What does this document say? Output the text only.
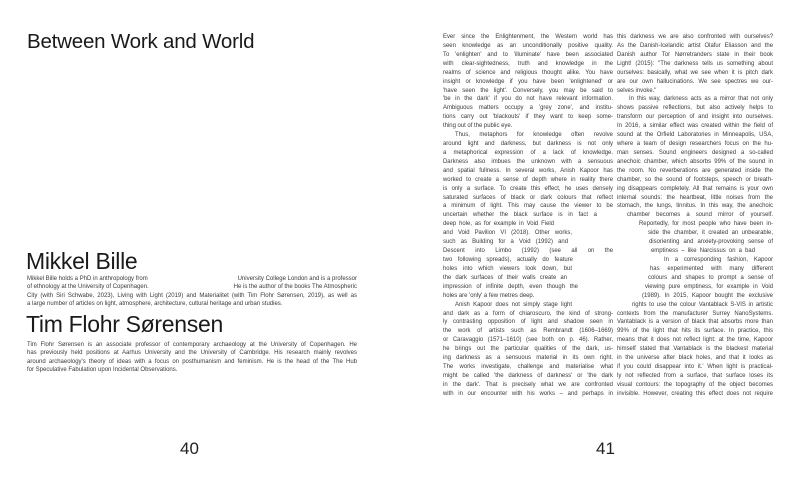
Between Work and World
Mikkel Bille
Mikkel Bille holds a PhD in anthropology from	University College London and is a professor
of ethnology at the University of Copenhagen.	He is the author of the books The Atmospheric
City (with Siri Schwabe, 2023), Living with Light (2019) and Materialitet (with Tim Flohr Sørensen, 2019), as well as
a large number of articles on light, atmosphere, architecture, cultural heritage and urban studies.
Tim Flohr Sørensen
Tim Flohr Sørensen is an associate professor of contemporary archaeology at the University of Copenhagen. He
has previously held positions at Aarhus University and the University of Cambridge. His research mainly revolves
around archaeology's theory of ideas with a focus on posthumanism and feminism. He is the head of the The Hub
for Speculative Fabulation upon Incidental Observations.
40
Ever since the Enlightenment, the Western world has
seen knowledge as an unconditionally positive quality.
To 'enlighten' and to 'illuminate' have been associated
with clear-sightedness, truth and knowledge in the
realms of science and religious thought alike. You have
insight or knowledge if you have been 'enlightened' or
'have seen the light'. Conversely, you may be said to
'be in the dark' if you do not have relevant information.
Ambiguous matters occupy a 'grey zone', and institu-
tions carry out 'blackouts' if they want to keep some-
thing out of the public eye.
Thus, metaphors for knowledge often revolve
around light and darkness, but darkness is not only
a metaphorical expression of a lack of knowledge.
Darkness also imbues the unknown with a sensuous
and spatial fullness. In several works, Anish Kapoor has
worked to create a sense of depth where in reality there
is only a surface. To create this effect, he uses densely
saturated surfaces of black or dark colours that reflect
a minimum of light. This may cause the viewer to be
uncertain whether the black surface is in fact a
deep hole, as for example in Void Field
and Void Pavilion VI (2018). Other works,
such as Building for a Void (1992) and
Descent into Limbo (1992) (see all on the
two following spreads), actually do feature
holes into which viewers look down, but
the dark surfaces of their walls create an
impression of infinite depth, even though the
holes are 'only' a few metres deep.
Anish Kapoor does not simply stage light
and dark as a form of chiaroscuro, the kind of strong-
ly contrasting opposition of light and shadow seen in
the work of artists such as Rembrandt (1606–1669)
or Caravaggio (1571–1610) (see both on p. 46). Rather,
he brings out the particular qualities of the dark, us-
ing darkness as a sensuous material in its own right.
The works investigate, challenge and materialise what
might be called 'the darkness of darkness' or 'the dark
in the dark'. That is precisely what we are confronted
with in our encounter with his works – and perhaps in
this darkness we are also confronted with ourselves?
As the Danish-Icelandic artist Olafur Eliasson and the
Danish author Tor Nørretranders state in their book
Light! (2015): "The darkness tells us something about
ourselves: basically, what we see when it is pitch dark
are our own hallucinations. We see spectres we our-
selves invoke."
In this way, darkness acts as a mirror that not only
shows passive reflections, but also actively helps to
transform our perception of and insight into ourselves.
In 2016, a similar effect was created within the field of
sound at the Orfield Laboratories in Minneapolis, USA,
where a team of design researchers focus on the hu-
man senses. Sound engineers designed a so-called
anechoic chamber, which absorbs 99% of the sound in
the room. No reverberations are generated inside the
chamber, so the sound of footsteps, speech or breath-
ing disappears completely. All that remains is your own
internal sounds: the heartbeat, little noises from the
stomach, the lungs, tinnitus. In this way, the anechoic
chamber becomes a sound mirror of yourself.
Reportedly, for most people who have been in-
side the chamber, it created an unbearable,
disorienting and anxiety-provoking sense of
emptiness – like Narcissus on a bad
In a corresponding fashion, Kapoor
has experimented with many different
colours and shapes to prompt a sense of
viewing pure emptiness, for example in Void
(1989). In 2015, Kapoor bought the exclusive
rights to use the colour Vantablack S-VIS in artistic
contexts from the manufacturer Surrey NanoSystems.
Vantablack is a version of black that absorbs more than
99% of the light that hits its surface. In practice, this
means that it does not reflect light: at the time, Kapoor
himself stated that Vantablack is the blackest material
in the universe after black holes, and that it looks as
if you could disappear into it.' When light is practical-
ly not reflected from a surface, that surface loses its
visual contours: the topography of the object becomes
invisible. However, creating this effect does not require
41
